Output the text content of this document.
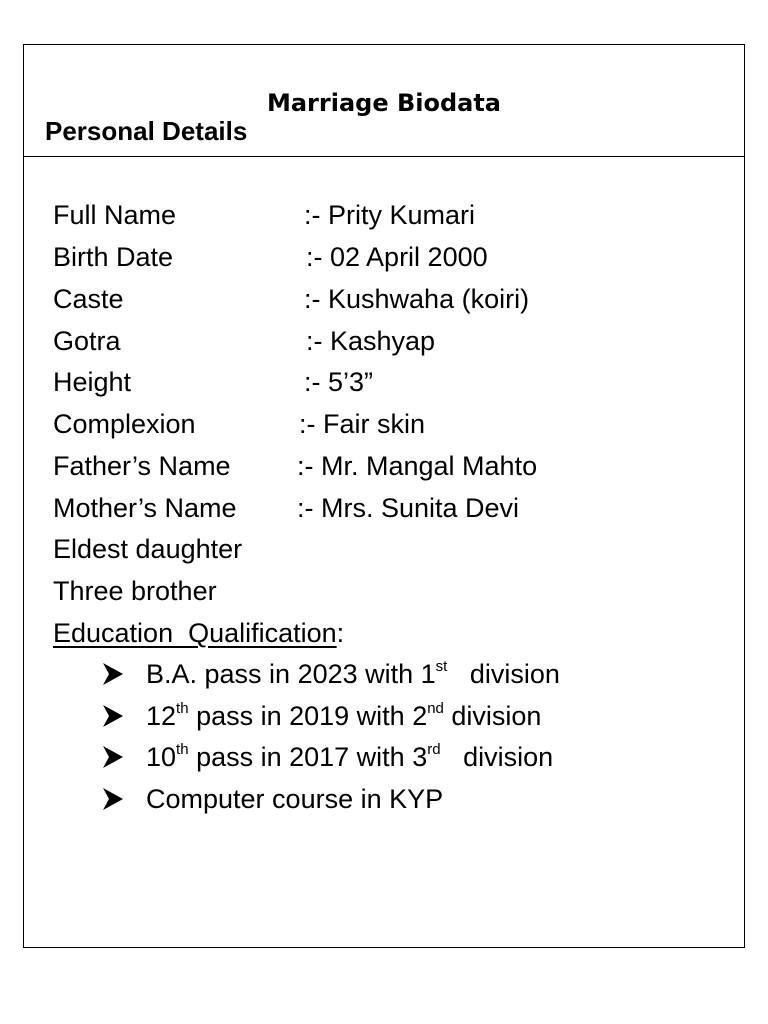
Marriage Biodata
Personal Details
Full Name	:- Prity Kumari
Birth Date	:- 02 April 2000
Caste	:- Kushwaha (koiri)
Gotra	:- Kashyap
Height	:- 5’3”
Complexion	:- Fair skin
Father’s Name :- Mr. Mangal Mahto
Mother’s Name :- Mrs. Sunita Devi
Eldest daughter
Three brother
Education  Qualification:
B.A. pass in 2023 with 1st   division
12th pass in 2019 with 2nd division
10th pass in 2017 with 3rd   division
Computer course in KYP
